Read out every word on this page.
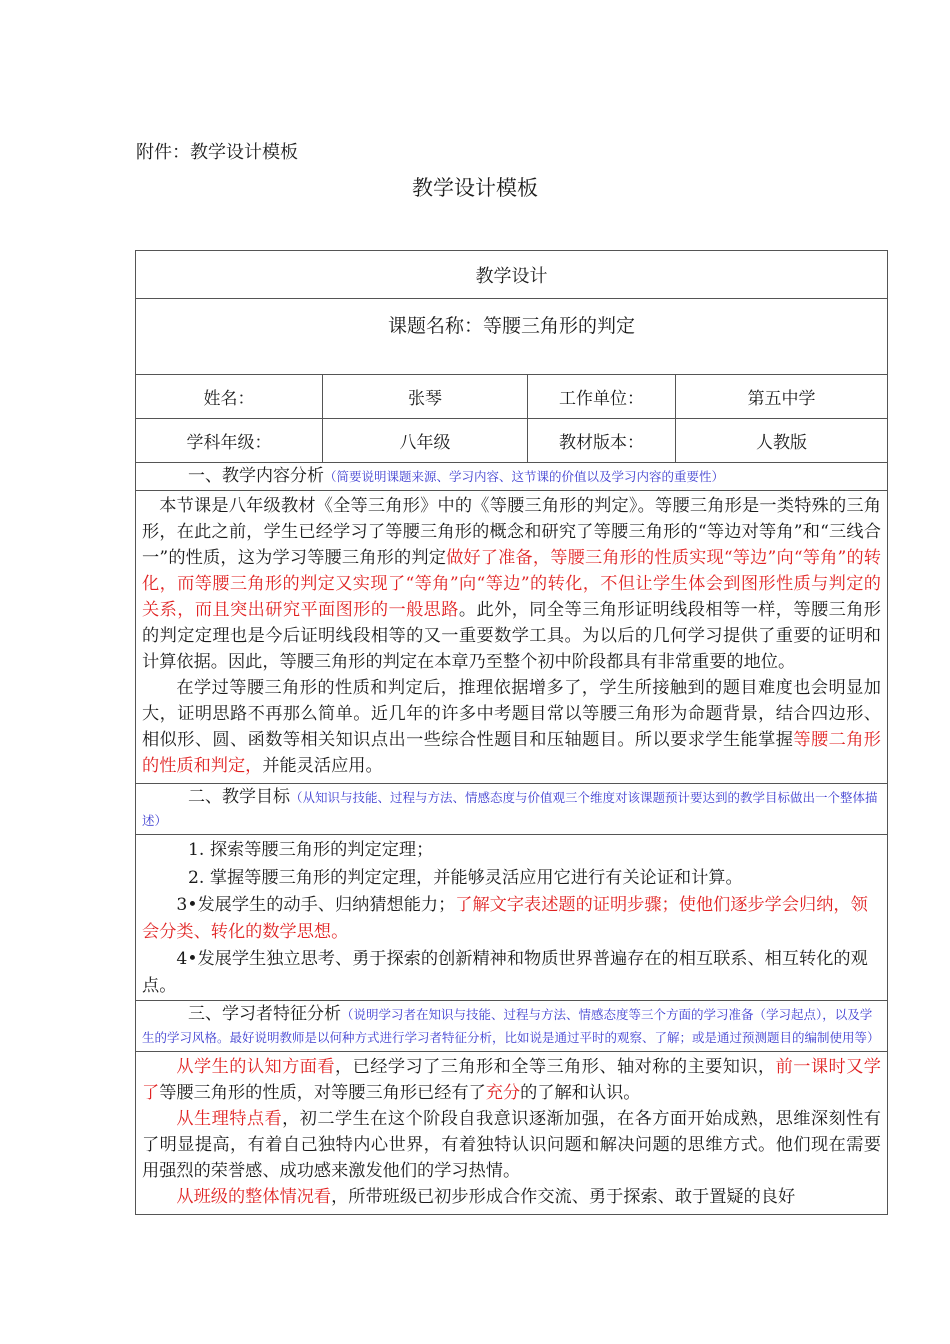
附件：教学设计模板
教学设计模板
教学设计			
课题名称：等腰三角形的判定			
姓名：	张琴	工作单位：	第五中学
学科年级：	八年级	教材版本：	人教版
一、教学内容分析（简要说明课题来源、学习内容、这节课的价值以及学习内容的重要性）			

本节课是八年级教材《全等三角形》中的《等腰三角形的判定》。等腰三角形是一类特殊的三角形，在此之前，学生已经学习了等腰三角形的概念和研究了等腰三角形的“等边对等角”和“三线合一”的性质，这为学习等腰三角形的判定做好了准备，等腰三角形的性质实现“等边”向“等角”的转化，而等腰三角形的判定又实现了“等角”向“等边”的转化，不但让学生体会到图形性质与判定的关系，而且突出研究平面图形的一般思路。此外，同全等三角形证明线段相等一样，等腰三角形的判定定理也是今后证明线段相等的又一重要数学工具。为以后的几何学习提供了重要的证明和计算依据。因此，等腰三角形的判定在本章乃至整个初中阶段都具有非常重要的地位。

在学过等腰三角形的性质和判定后，推理依据增多了，学生所接触到的题目难度也会明显加大，证明思路不再那么简单。近几年的许多中考题目常以等腰三角形为命题背景，结合四边形、相似形、圆、函数等相关知识点出一些综合性题目和压轴题目。所以要求学生能掌握等腰二角形的性质和判定，并能灵活应用。			

二、教学目标（从知识与技能、过程与方法、情感态度与价值观三个维度对该课题预计要达到的教学目标做出一个整体描述）			

1. 探索等腰三角形的判定定理；

2. 掌握等腰三角形的判定定理，并能够灵活应用它进行有关论证和计算。

3•发展学生的动手、归纳猜想能力；了解文字表述题的证明步骤；使他们逐步学会归纳，领会分类、转化的数学思想。

4•发展学生独立思考、勇于探索的创新精神和物质世界普遍存在的相互联系、相互转化的观点。			

三、学习者特征分析（说明学习者在知识与技能、过程与方法、情感态度等三个方面的学习准备（学习起点），以及学生的学习风格。最好说明教师是以何种方式进行学习者特征分析，比如说是通过平时的观察、了解；或是通过预测题目的编制使用等）			

从学生的认知方面看，已经学习了三角形和全等三角形、轴对称的主要知识，前一课时又学了等腰三角形的性质，对等腰三角形已经有了充分的了解和认识。

从生理特点看，初二学生在这个阶段自我意识逐渐加强，在各方面开始成熟，思维深刻性有了明显提高，有着自己独特内心世界，有着独特认识问题和解决问题的思维方式。他们现在需要用强烈的荣誉感、成功感来激发他们的学习热情。

从班级的整体情况看，所带班级已初步形成合作交流、勇于探索、敢于置疑的良好			
